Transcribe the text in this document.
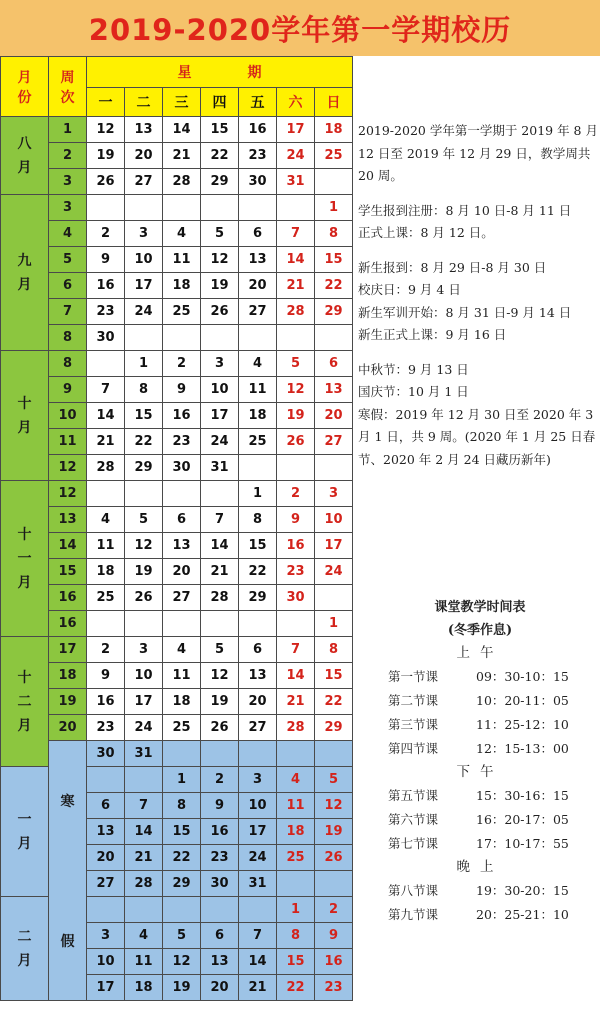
2019-2020学年第一学期校历
月
份	周
次	星 期						
		一	二	三	四	五	六	日

八
月	1	12	13	14	15	16	17	18
	2	19	20	21	22	23	24	25
	3	26	27	28	29	30	31	

九
月	3							1
	4	2	3	4	5	6	7	8
	5	9	10	11	12	13	14	15
	6	16	17	18	19	20	21	22
	7	23	24	25	26	27	28	29
	8	30						

十
月	8		1	2	3	4	5	6
	9	7	8	9	10	11	12	13
	10	14	15	16	17	18	19	20
	11	21	22	23	24	25	26	27
	12	28	29	30	31			

十
一
月	12					1	2	3
	13	4	5	6	7	8	9	10
	14	11	12	13	14	15	16	17
	15	18	19	20	21	22	23	24
	16	25	26	27	28	29	30	
	16							1

十
二
月	17	2	3	4	5	6	7	8
	18	9	10	11	12	13	14	15
	19	16	17	18	19	20	21	22
	20	23	24	25	26	27	28	29

	寒
假	30	31					

一
月				1	2	3	4	5
		6	7	8	9	10	11	12
		13	14	15	16	17	18	19
		20	21	22	23	24	25	26
		27	28	29	30	31		

二
月							1	2
		3	4	5	6	7	8	9
		10	11	12	13	14	15	16
		17	18	19	20	21	22	23

2019-2020 学年第一学期于 2019 年 8 月 12 日至 2019 年 12 月 29 日，教学周共 20 周。

学生报到注册：8 月 10 日-8 月 11 日

正式上课：8 月 12 日。

新生报到：8 月 29 日-8 月 30 日

校庆日：9 月 4 日

新生军训开始：8 月 31 日-9 月 14 日

新生正式上课：9 月 16 日

中秋节：9 月 13 日

国庆节：10 月 1 日

寒假：2019 年 12 月 30 日至 2020 年 3 月 1 日，共 9 周。(2020 年 1 月 25 日春节、2020 年 2 月 24 日藏历新年)

课堂教学时间表
(冬季作息)
上午
第一节课	09：30-10：15
第二节课	10：20-11：05
第三节课	11：25-12：10
第四节课	12：15-13：00
下午
第五节课	15：30-16：15
第六节课	16：20-17：05
第七节课	17：10-17：55
晚上
第八节课	19：30-20：15
第九节课	20：25-21：10
